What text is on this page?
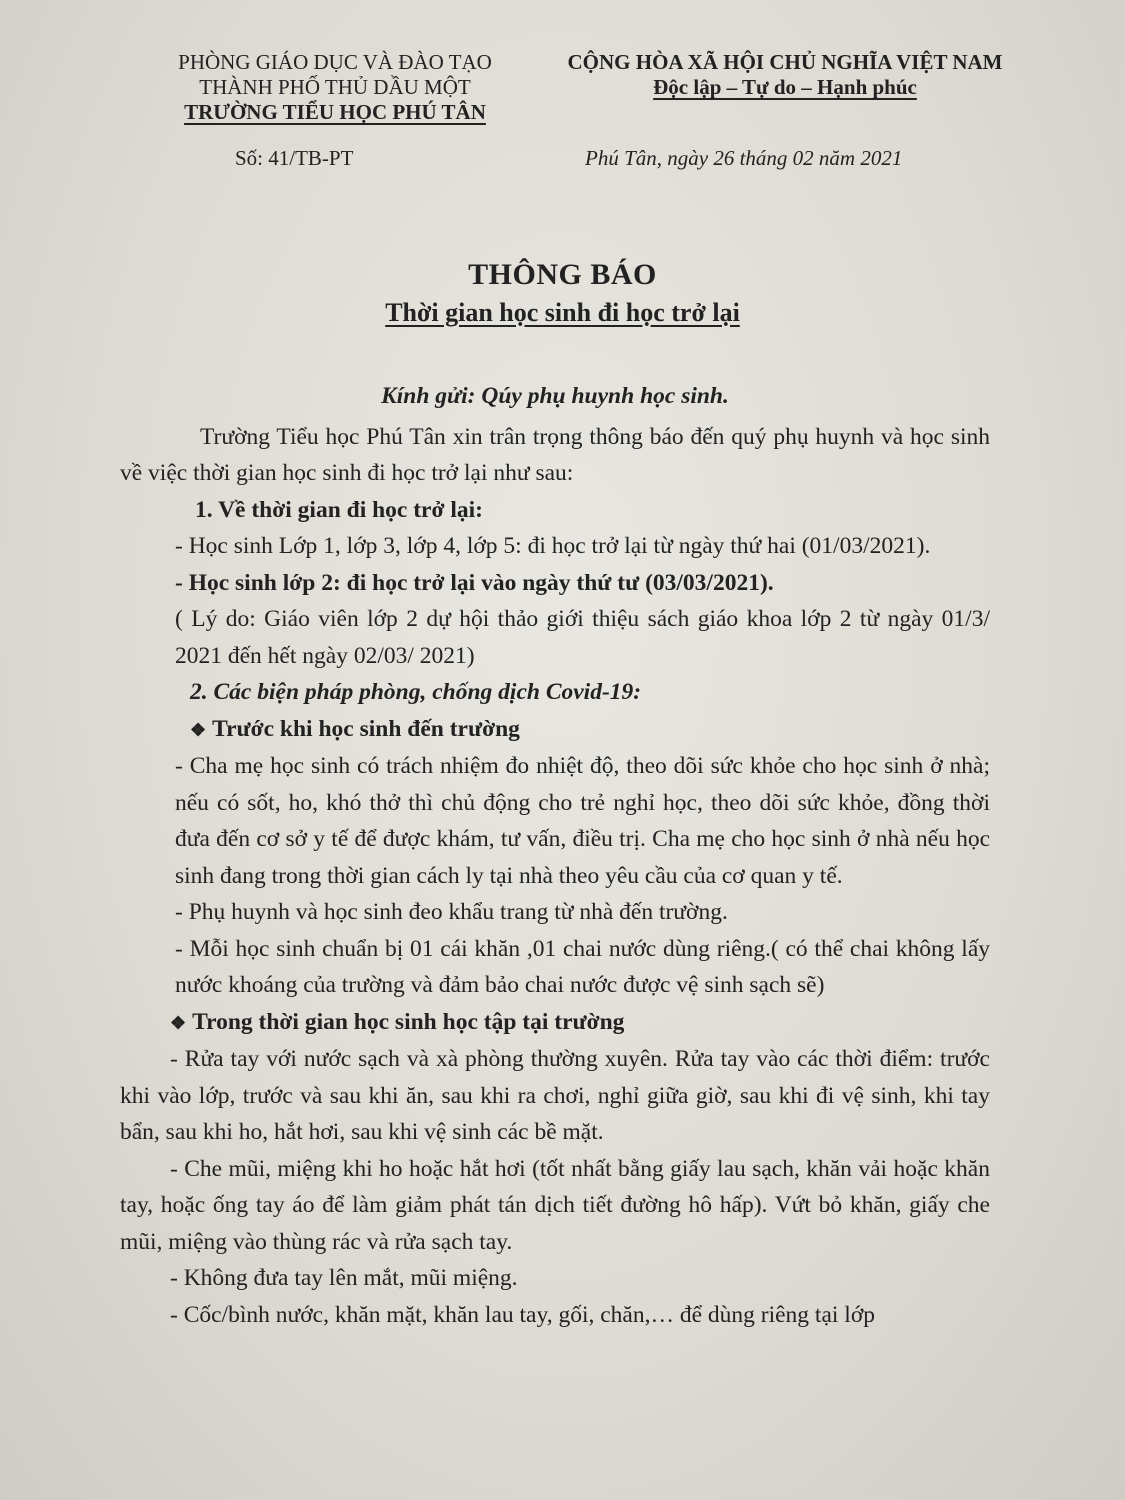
PHÒNG GIÁO DỤC VÀ ĐÀO TẠO
THÀNH PHỐ THỦ DẦU MỘT
TRƯỜNG TIỂU HỌC PHÚ TÂN
CỘNG HÒA XÃ HỘI CHỦ NGHĨA VIỆT NAM
Độc lập – Tự do – Hạnh phúc
Số: 41/TB-PT	Phú Tân, ngày 26 tháng 02 năm 2021
THÔNG BÁO
Thời gian học sinh đi học trở lại

Kính gửi: Qúy phụ huynh học sinh.

Trường Tiểu học Phú Tân xin trân trọng thông báo đến quý phụ huynh và học sinh về việc thời gian học sinh đi học trở lại như sau:

1. Về thời gian đi học trở lại:

- Học sinh Lớp 1, lớp 3, lớp 4, lớp 5: đi học trở lại từ ngày thứ hai (01/03/2021).

- Học sinh lớp 2: đi học trở lại vào ngày thứ tư (03/03/2021).

( Lý do: Giáo viên lớp 2 dự hội thảo giới thiệu sách giáo khoa lớp 2 từ ngày 01/3/ 2021 đến hết ngày 02/03/ 2021)

2. Các biện pháp phòng, chống dịch Covid-19:

❖ Trước khi học sinh đến trường

- Cha mẹ học sinh có trách nhiệm đo nhiệt độ, theo dõi sức khỏe cho học sinh ở nhà; nếu có sốt, ho, khó thở thì chủ động cho trẻ nghỉ học, theo dõi sức khỏe, đồng thời đưa đến cơ sở y tế để được khám, tư vấn, điều trị. Cha mẹ cho học sinh ở nhà nếu học sinh đang trong thời gian cách ly tại nhà theo yêu cầu của cơ quan y tế.

- Phụ huynh và học sinh đeo khẩu trang từ nhà đến trường.

- Mỗi học sinh chuẩn bị 01 cái khăn ,01 chai nước dùng riêng.( có thể chai không lấy nước khoáng của trường và đảm bảo chai nước được vệ sinh sạch sẽ)

❖ Trong thời gian học sinh học tập tại trường

- Rửa tay với nước sạch và xà phòng thường xuyên. Rửa tay vào các thời điểm: trước khi vào lớp, trước và sau khi ăn, sau khi ra chơi, nghỉ giữa giờ, sau khi đi vệ sinh, khi tay bẩn, sau khi ho, hắt hơi, sau khi vệ sinh các bề mặt.

- Che mũi, miệng khi ho hoặc hắt hơi (tốt nhất bằng giấy lau sạch, khăn vải hoặc khăn tay, hoặc ống tay áo để làm giảm phát tán dịch tiết đường hô hấp). Vứt bỏ khăn, giấy che mũi, miệng vào thùng rác và rửa sạch tay.

- Không đưa tay lên mắt, mũi miệng.

- Cốc/bình nước, khăn mặt, khăn lau tay, gối, chăn,… để dùng riêng tại lớp
